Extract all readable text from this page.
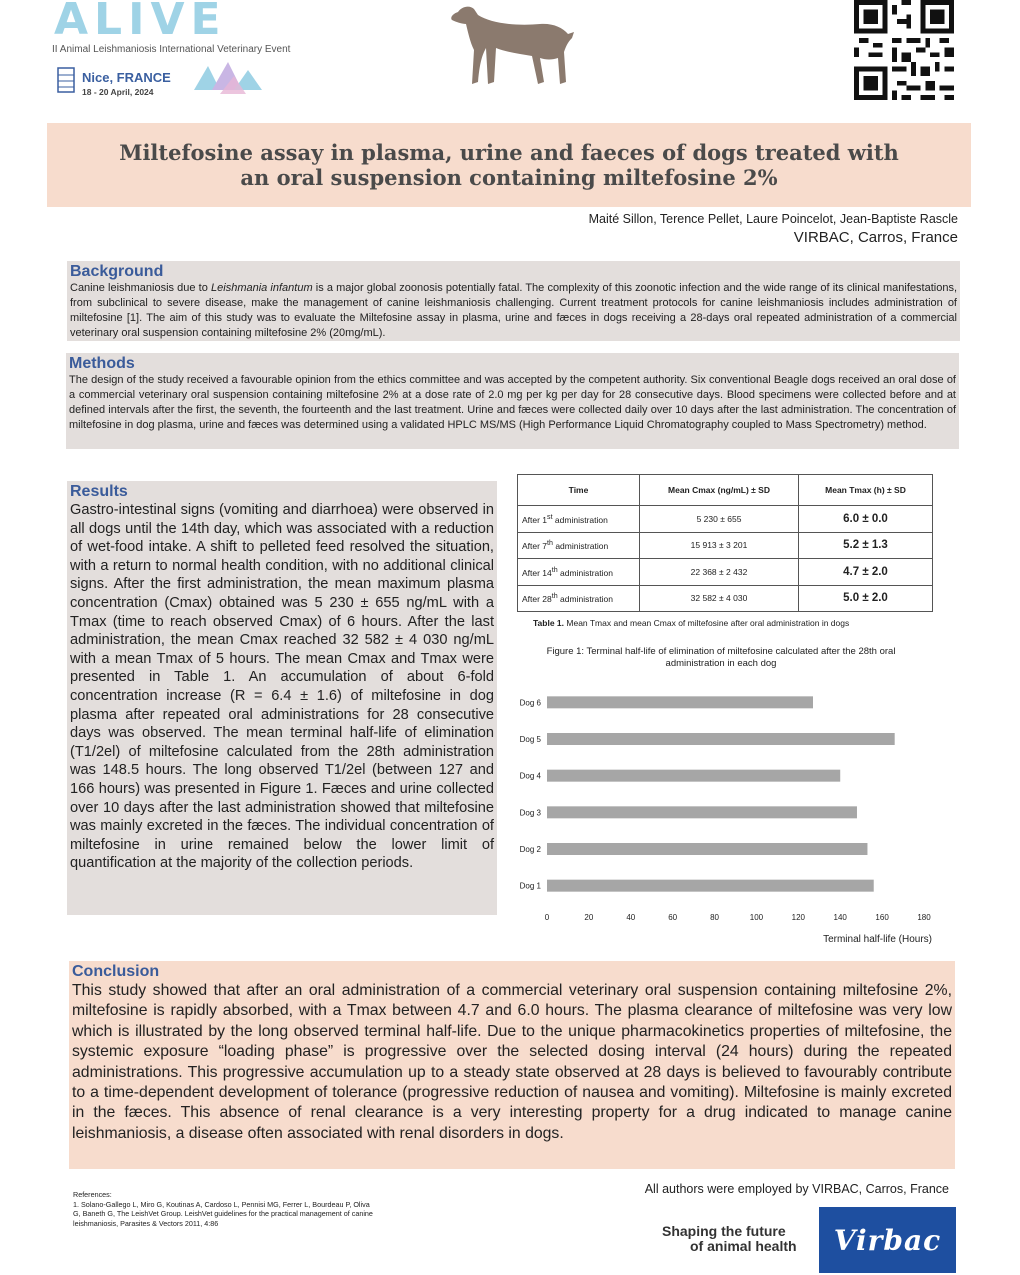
ALIVE
II Animal Leishmaniosis International Veterinary Event
Nice, FRANCE
18 - 20 April, 2024
Miltefosine assay in plasma, urine and faeces of dogs treated with an oral suspension containing miltefosine 2%
Maité Sillon, Terence Pellet, Laure Poincelot, Jean-Baptiste Rascle
VIRBAC, Carros, France
Background

Canine leishmaniosis due to Leishmania infantum is a major global zoonosis potentially fatal. The complexity of this zoonotic infection and the wide range of its clinical manifestations, from subclinical to severe disease, make the management of canine leishmaniosis challenging. Current treatment protocols for canine leishmaniosis includes administration of miltefosine [1]. The aim of this study was to evaluate the Miltefosine assay in plasma, urine and fæces in dogs receiving a 28-days oral repeated administration of a commercial veterinary oral suspension containing miltefosine 2% (20mg/mL).

Methods

The design of the study received a favourable opinion from the ethics committee and was accepted by the competent authority. Six conventional Beagle dogs received an oral dose of a commercial veterinary oral suspension containing miltefosine 2% at a dose rate of 2.0 mg per kg per day for 28 consecutive days. Blood specimens were collected before and at defined intervals after the first, the seventh, the fourteenth and the last treatment. Urine and fæces were collected daily over 10 days after the last administration. The concentration of miltefosine in dog plasma, urine and fæces was determined using a validated HPLC MS/MS (High Performance Liquid Chromatography coupled to Mass Spectrometry) method.

Results

Gastro-intestinal signs (vomiting and diarrhoea) were observed in all dogs until the 14th day, which was associated with a reduction of wet-food intake. A shift to pelleted feed resolved the situation, with a return to normal health condition, with no additional clinical signs. After the first administration, the mean maximum plasma concentration (Cmax) obtained was 5 230 ± 655 ng/mL with a Tmax (time to reach observed Cmax) of 6 hours. After the last administration, the mean Cmax reached 32 582 ± 4 030 ng/mL with a mean Tmax of 5 hours. The mean Cmax and Tmax were presented in Table 1. An accumulation of about 6-fold concentration increase (R = 6.4 ± 1.6) of miltefosine in dog plasma after repeated oral administrations for 28 consecutive days was observed. The mean terminal half-life of elimination (T1/2el) of miltefosine calculated from the 28th administration was 148.5 hours. The long observed T1/2el (between 127 and 166 hours) was presented in Figure 1. Fæces and urine collected over 10 days after the last administration showed that miltefosine was mainly excreted in the fæces. The individual concentration of miltefosine in urine remained below the lower limit of quantification at the majority of the collection periods.

Time	Mean Cmax (ng/mL) ± SD	Mean Tmax (h) ± SD
After 1st administration	5 230 ± 655	6.0 ± 0.0
After 7th administration	15 913 ± 3 201	5.2 ± 1.3
After 14th administration	22 368 ± 2 432	4.7 ± 2.0
After 28th administration	32 582 ± 4 030	5.0 ± 2.0
Table 1. Mean Tmax and mean Cmax of miltefosine after oral administration in dogs
Figure 1: Terminal half-life of elimination of miltefosine calculated after the 28th oral administration in each dog
Dog 6
Dog 5
Dog 4
Dog 3
Dog 2
Dog 1
0	20	40	60	80	100	120	140	160	180
Terminal half-life (Hours)
Conclusion

This study showed that after an oral administration of a commercial veterinary oral suspension containing miltefosine 2%, miltefosine is rapidly absorbed, with a Tmax between 4.7 and 6.0 hours. The plasma clearance of miltefosine was very low which is illustrated by the long observed terminal half-life. Due to the unique pharmacokinetics properties of miltefosine, the systemic exposure “loading phase” is progressive over the selected dosing interval (24 hours) during the repeated administrations. This progressive accumulation up to a steady state observed at 28 days is believed to favourably contribute to a time-dependent development of tolerance (progressive reduction of nausea and vomiting). Miltefosine is mainly excreted in the fæces. This absence of renal clearance is a very interesting property for a drug indicated to manage canine leishmaniosis, a disease often associated with renal disorders in dogs.

References:
1. Solano-Gallego L, Miro G, Koutinas A, Cardoso L, Pennisi MG, Ferrer L, Bourdeau P, Oliva G, Baneth G, The LeishVet Group. LeishVet guidelines for the practical management of canine leishmaniosis, Parasites & Vectors 2011, 4:86
All authors were employed by VIRBAC, Carros, France
Shaping the future
of animal health	Virbac
